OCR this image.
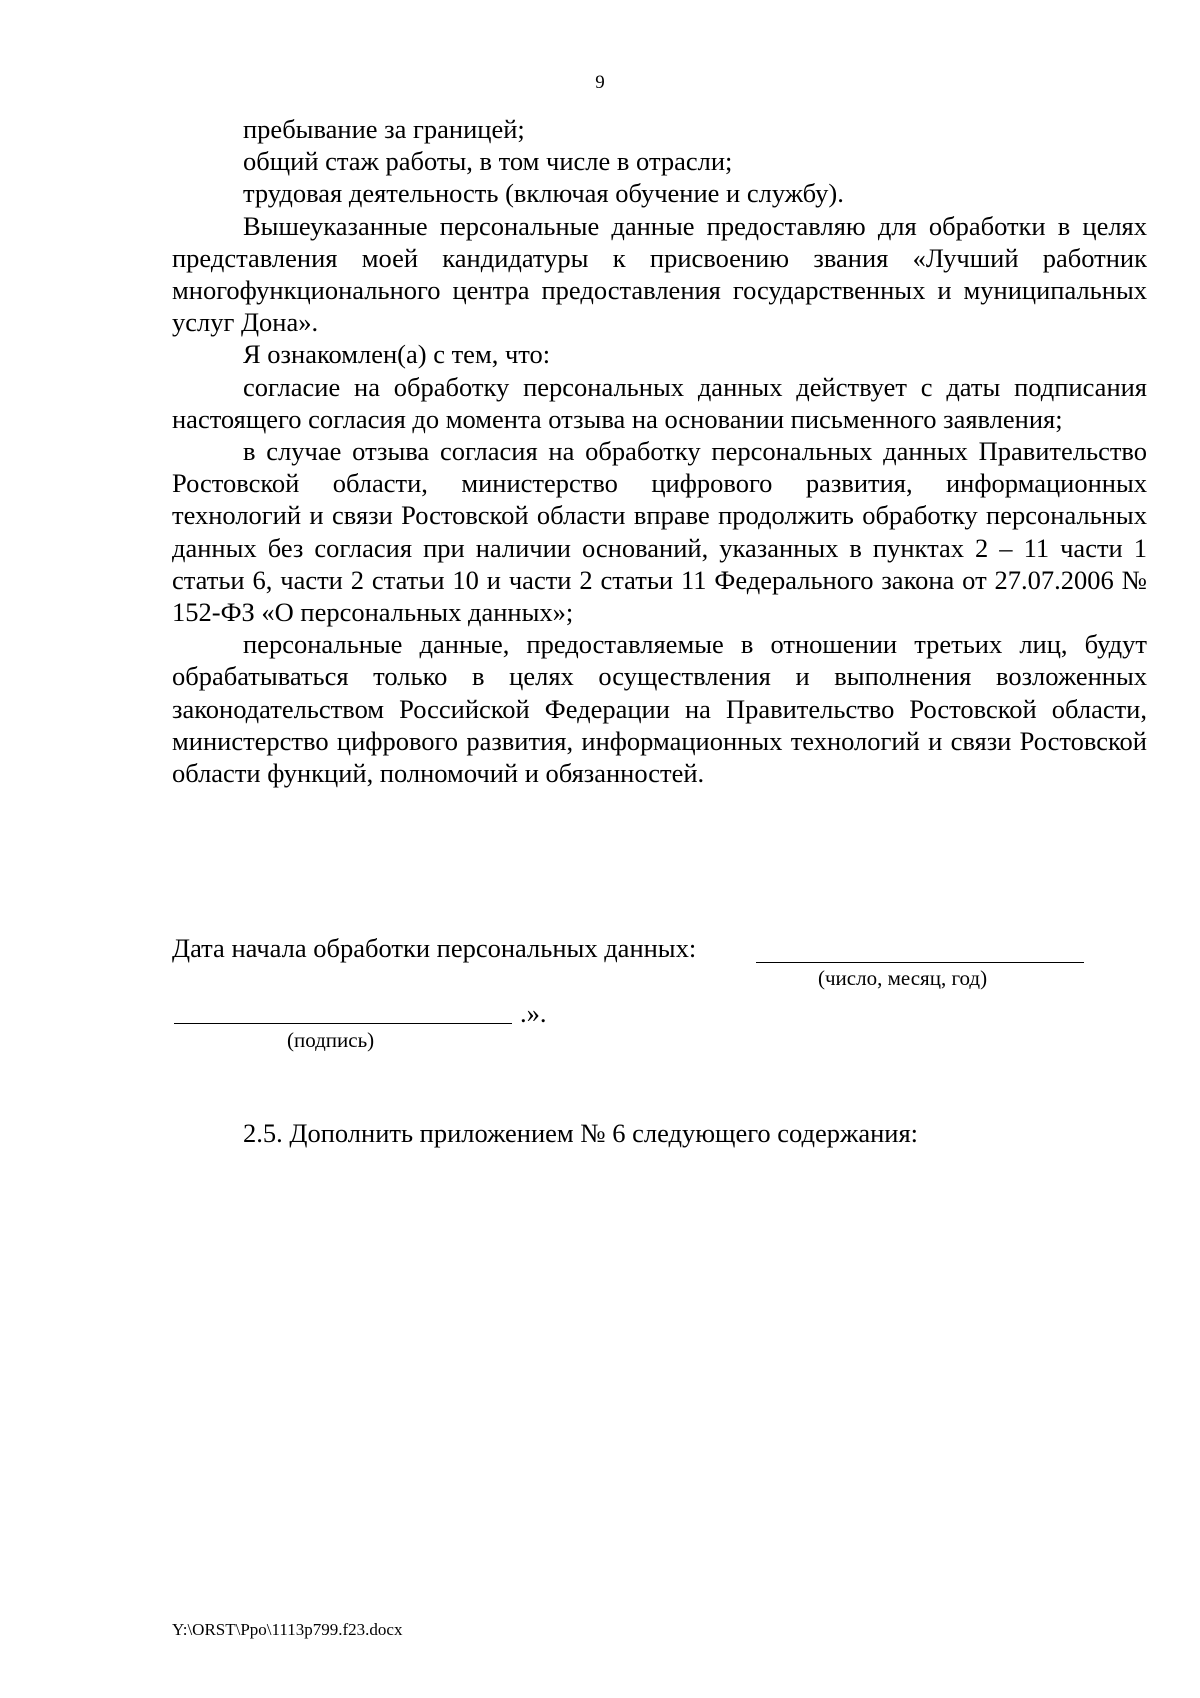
9

пребывание за границей;

общий стаж работы, в том числе в отрасли;

трудовая деятельность (включая обучение и службу).

Вышеуказанные персональные данные предоставляю для обработки в целях представления моей кандидатуры к присвоению звания «Лучший работник многофункционального центра предоставления государственных и муниципальных услуг Дона».

Я ознакомлен(а) с тем, что:

согласие на обработку персональных данных действует с даты подписания настоящего согласия до момента отзыва на основании письменного заявления;

в случае отзыва согласия на обработку персональных данных Правительство Ростовской области, министерство цифрового развития, информационных технологий и связи Ростовской области вправе продолжить обработку персональных данных без согласия при наличии оснований, указанных в пунктах 2 – 11 части 1 статьи 6, части 2 статьи 10 и части 2 статьи 11 Федерального закона от 27.07.2006 № 152-ФЗ «О персональных данных»;

персональные данные, предоставляемые в отношении третьих лиц, будут обрабатываться только в целях осуществления и выполнения возложенных законодательством Российской Федерации на Правительство Ростовской области, министерство цифрового развития, информационных технологий и связи Ростовской области функций, полномочий и обязанностей.

Дата начала обработки персональных данных:
(число, месяц, год)
.».
(подпись)
2.5. Дополнить приложением № 6 следующего содержания:
Y:\ORST\Ppo\1113p799.f23.docx
